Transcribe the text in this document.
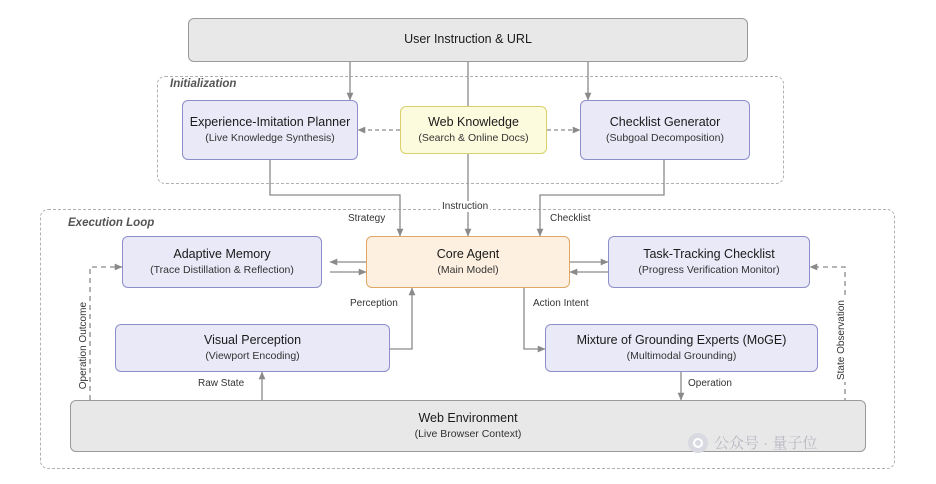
Initialization
Execution Loop
User Instruction & URL
Experience-Imitation Planner
(Live Knowledge Synthesis)
Web Knowledge
(Search & Online Docs)
Checklist Generator
(Subgoal Decomposition)
Adaptive Memory
(Trace Distillation & Reflection)
Core Agent
(Main Model)
Task-Tracking Checklist
(Progress Verification Monitor)
Visual Perception
(Viewport Encoding)
Mixture of Grounding Experts (MoGE)
(Multimodal Grounding)
Web Environment
(Live Browser Context)
Strategy
Instruction
Checklist
Perception	Action Intent
Raw State	Operation
Operation Outcome	State Observation
公众号 · 量子位
